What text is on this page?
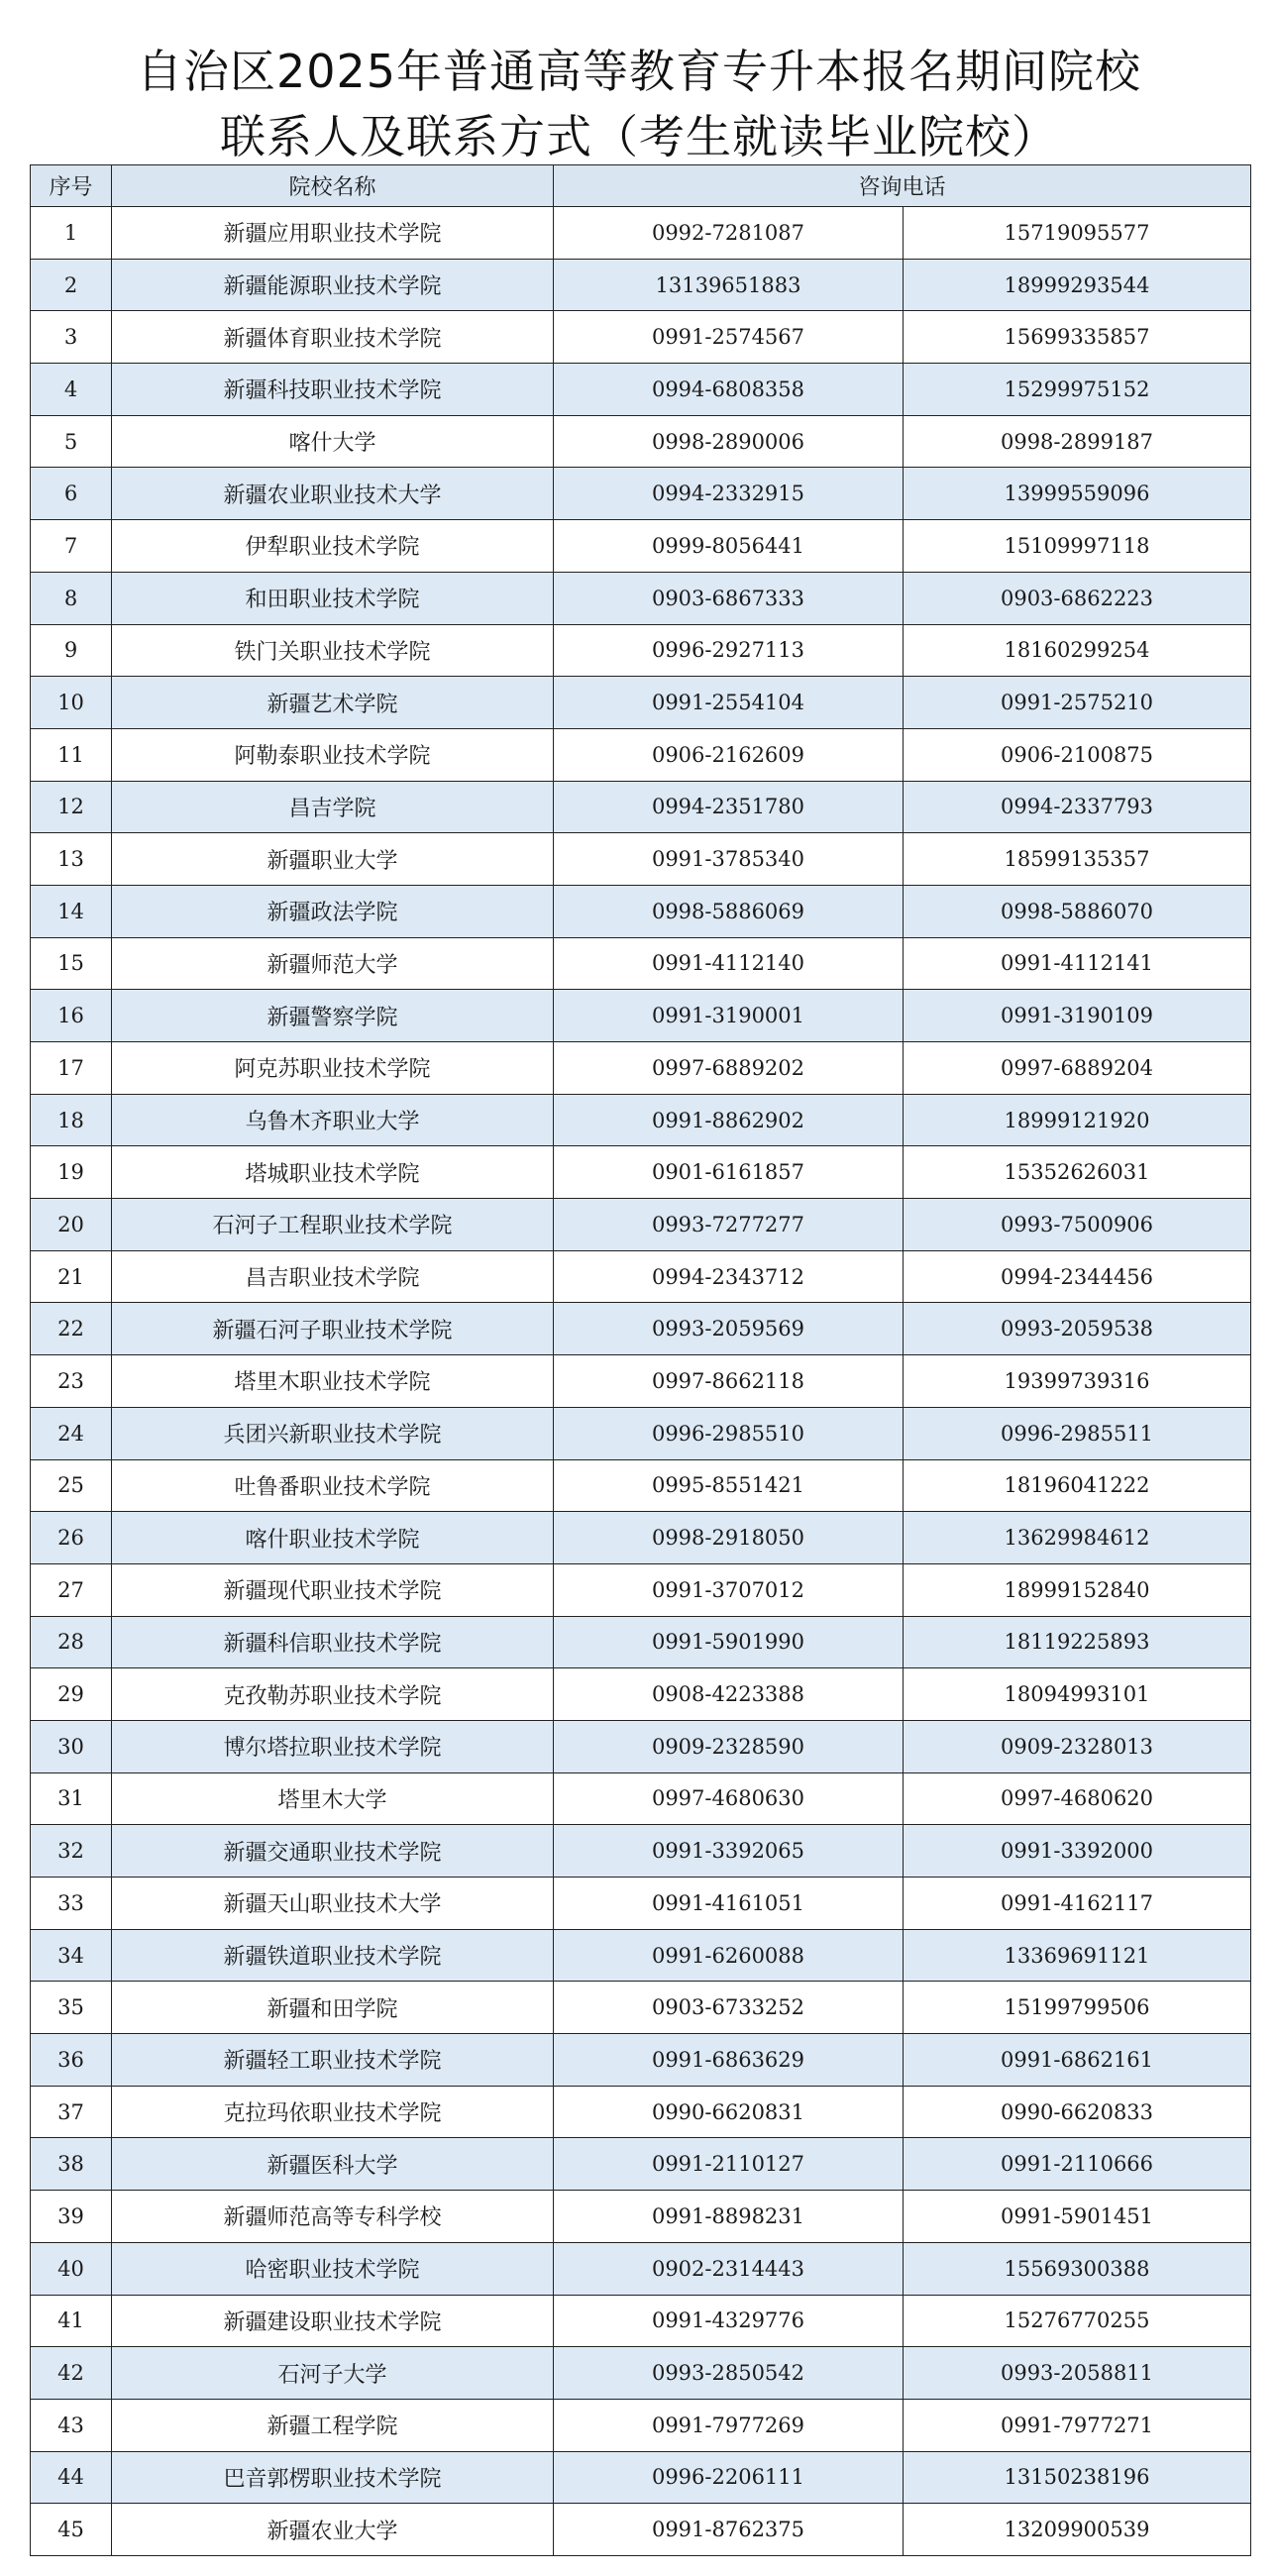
自治区2025年普通高等教育专升本报名期间院校
联系人及联系方式（考生就读毕业院校）
序号	院校名称	咨询电话	
1	新疆应用职业技术学院	0992-7281087	15719095577
2	新疆能源职业技术学院	13139651883	18999293544
3	新疆体育职业技术学院	0991-2574567	15699335857
4	新疆科技职业技术学院	0994-6808358	15299975152
5	喀什大学	0998-2890006	0998-2899187
6	新疆农业职业技术大学	0994-2332915	13999559096
7	伊犁职业技术学院	0999-8056441	15109997118
8	和田职业技术学院	0903-6867333	0903-6862223
9	铁门关职业技术学院	0996-2927113	18160299254
10	新疆艺术学院	0991-2554104	0991-2575210
11	阿勒泰职业技术学院	0906-2162609	0906-2100875
12	昌吉学院	0994-2351780	0994-2337793
13	新疆职业大学	0991-3785340	18599135357
14	新疆政法学院	0998-5886069	0998-5886070
15	新疆师范大学	0991-4112140	0991-4112141
16	新疆警察学院	0991-3190001	0991-3190109
17	阿克苏职业技术学院	0997-6889202	0997-6889204
18	乌鲁木齐职业大学	0991-8862902	18999121920
19	塔城职业技术学院	0901-6161857	15352626031
20	石河子工程职业技术学院	0993-7277277	0993-7500906
21	昌吉职业技术学院	0994-2343712	0994-2344456
22	新疆石河子职业技术学院	0993-2059569	0993-2059538
23	塔里木职业技术学院	0997-8662118	19399739316
24	兵团兴新职业技术学院	0996-2985510	0996-2985511
25	吐鲁番职业技术学院	0995-8551421	18196041222
26	喀什职业技术学院	0998-2918050	13629984612
27	新疆现代职业技术学院	0991-3707012	18999152840
28	新疆科信职业技术学院	0991-5901990	18119225893
29	克孜勒苏职业技术学院	0908-4223388	18094993101
30	博尔塔拉职业技术学院	0909-2328590	0909-2328013
31	塔里木大学	0997-4680630	0997-4680620
32	新疆交通职业技术学院	0991-3392065	0991-3392000
33	新疆天山职业技术大学	0991-4161051	0991-4162117
34	新疆铁道职业技术学院	0991-6260088	13369691121
35	新疆和田学院	0903-6733252	15199799506
36	新疆轻工职业技术学院	0991-6863629	0991-6862161
37	克拉玛依职业技术学院	0990-6620831	0990-6620833
38	新疆医科大学	0991-2110127	0991-2110666
39	新疆师范高等专科学校	0991-8898231	0991-5901451
40	哈密职业技术学院	0902-2314443	15569300388
41	新疆建设职业技术学院	0991-4329776	15276770255
42	石河子大学	0993-2850542	0993-2058811
43	新疆工程学院	0991-7977269	0991-7977271
44	巴音郭楞职业技术学院	0996-2206111	13150238196
45	新疆农业大学	0991-8762375	13209900539
